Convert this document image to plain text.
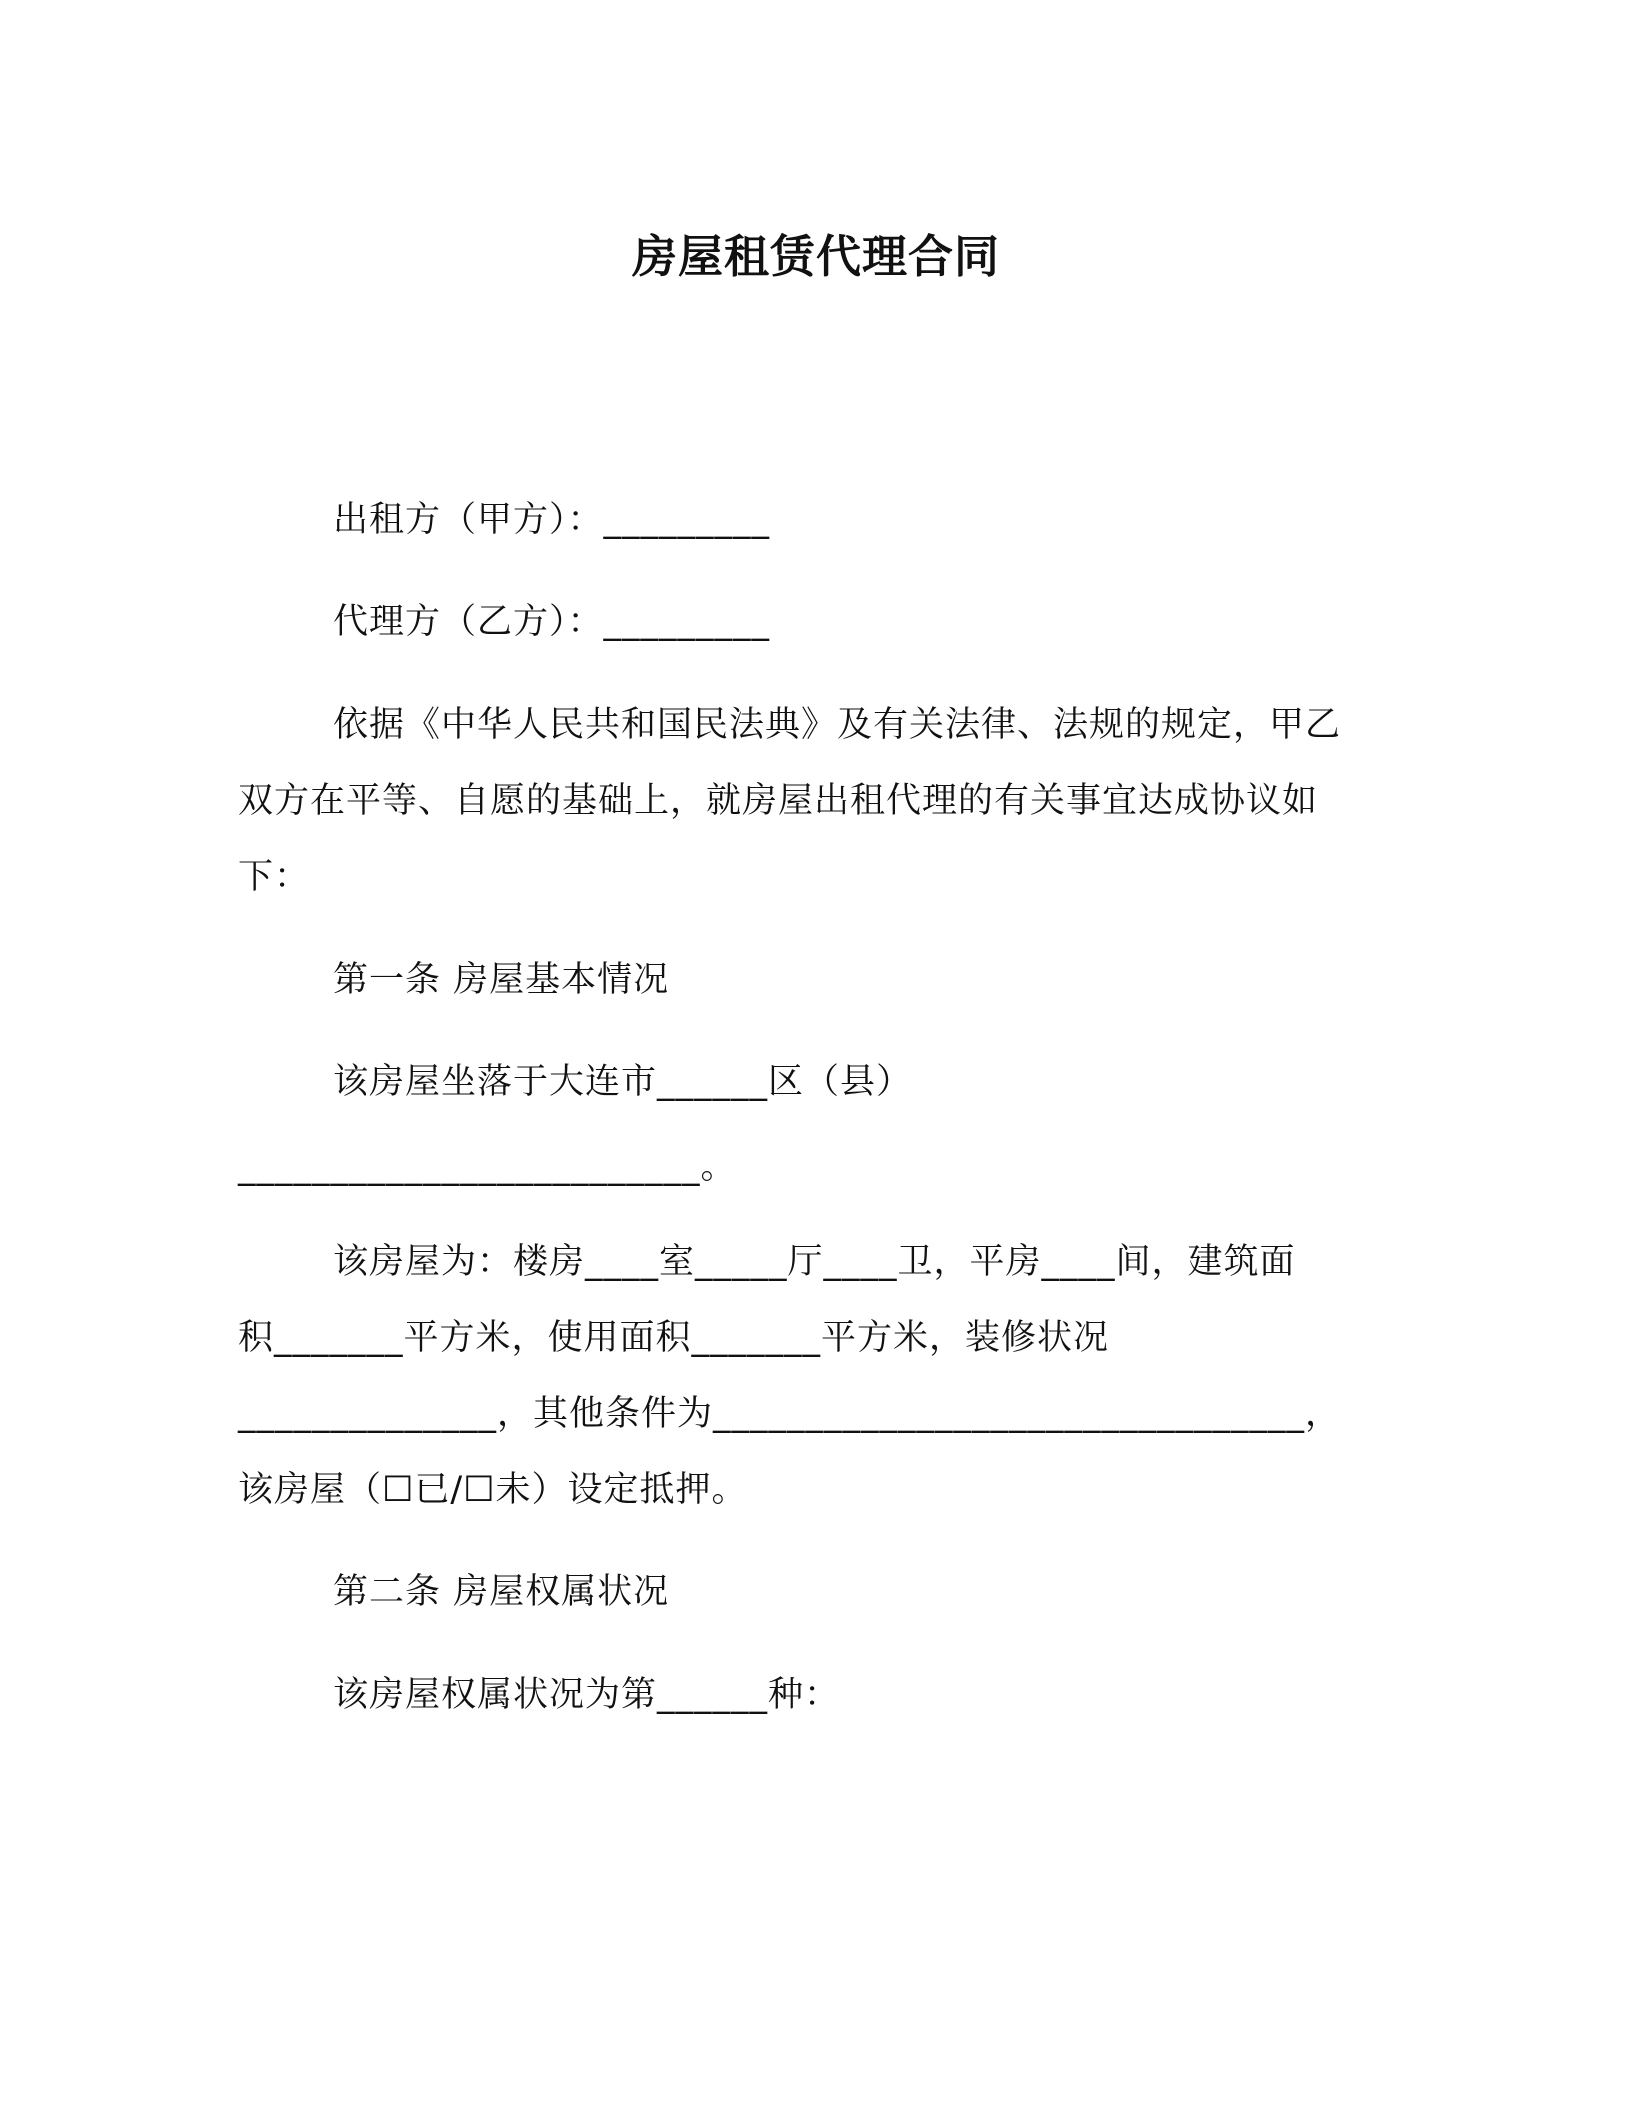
房屋租赁代理合同
出租方（甲方）：_________
代理方（乙方）：_________
依据《中华人民共和国民法典》及有关法律、法规的规定，甲乙
双方在平等、自愿的基础上，就房屋出租代理的有关事宜达成协议如
下：
第一条 房屋基本情况
该房屋坐落于大连市______区（县）
_________________________。
该房屋为：楼房____室_____厅____卫，平房____间，建筑面
积_______平方米，使用面积_______平方米，装修状况
______________，其他条件为________________________________，
该房屋（☐已/☐未）设定抵押。
第二条 房屋权属状况
该房屋权属状况为第______种：
